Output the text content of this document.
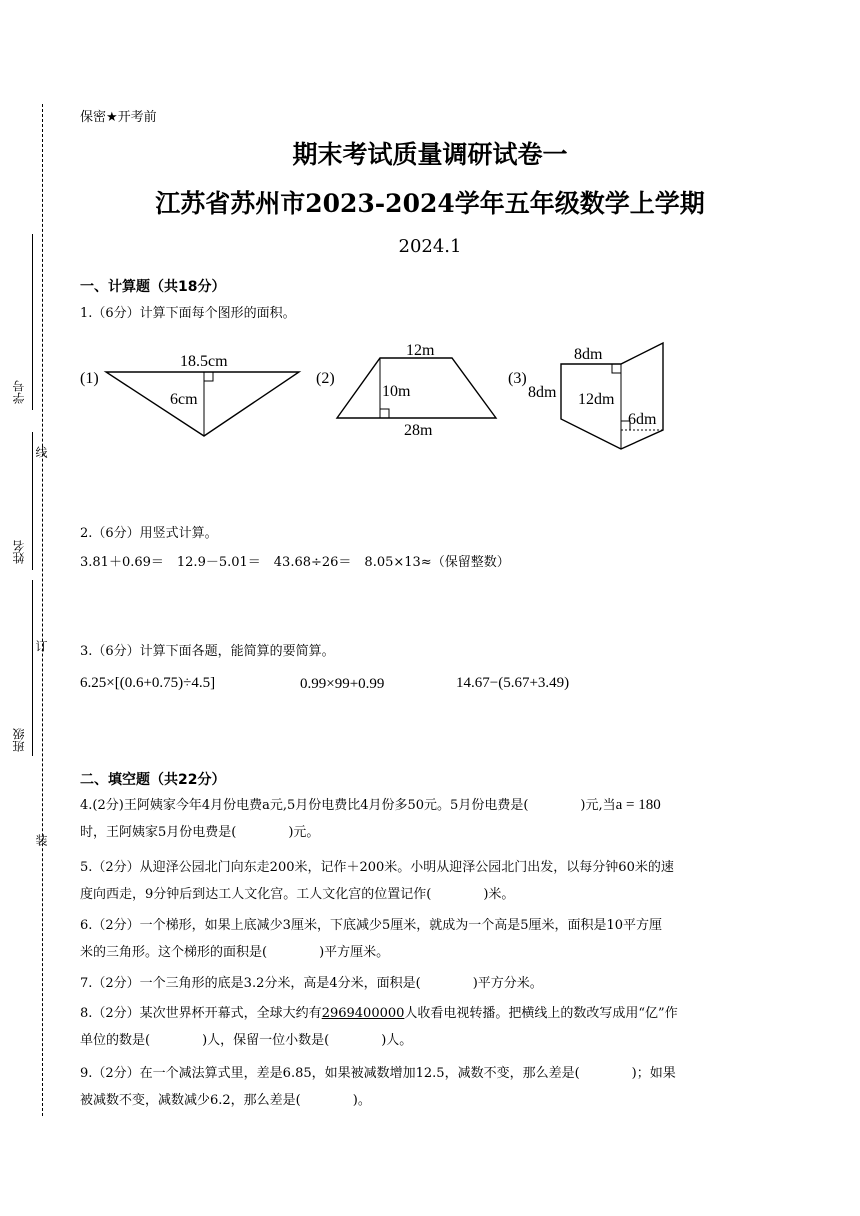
学号
姓名
班级
线
订
装
保密★开考前
期末考试质量调研试卷一
江苏省苏州市2023-2024学年五年级数学上学期
2024.1
一、计算题（共18分）
1.（6分）计算下面每个图形的面积。
(1)
18.5cm
6cm
(2)
12m
10m
28m
(3)
8dm
8dm 12dm
6dm
2.（6分）用竖式计算。
3.81＋0.69＝　12.9－5.01＝　43.68÷26＝　8.05×13≈（保留整数）
3.（6分）计算下面各题，能简算的要简算。
6.25×[(0.6+0.75)÷4.5]	0.99×99+0.99	14.67−(5.67+3.49)
二、填空题（共22分）
4.(2分)王阿姨家今年4月份电费a元,5月份电费比4月份多50元。5月份电费是(　　　　)元,当a = 180
时，王阿姨家5月份电费是(　　　　)元。
5.（2分）从迎泽公园北门向东走200米，记作＋200米。小明从迎泽公园北门出发，以每分钟60米的速
度向西走，9分钟后到达工人文化宫。工人文化宫的位置记作(　　　　)米。
6.（2分）一个梯形，如果上底减少3厘米，下底减少5厘米，就成为一个高是5厘米，面积是10平方厘
米的三角形。这个梯形的面积是(　　　　)平方厘米。
7.（2分）一个三角形的底是3.2分米，高是4分米，面积是(　　　　)平方分米。
8.（2分）某次世界杯开幕式，全球大约有2969400000人收看电视转播。把横线上的数改写成用“亿”作
单位的数是(　　　　)人，保留一位小数是(　　　　)人。
9.（2分）在一个减法算式里，差是6.85，如果被减数增加12.5，减数不变，那么差是(　　　　)；如果
被减数不变，减数减少6.2，那么差是(　　　　)。
